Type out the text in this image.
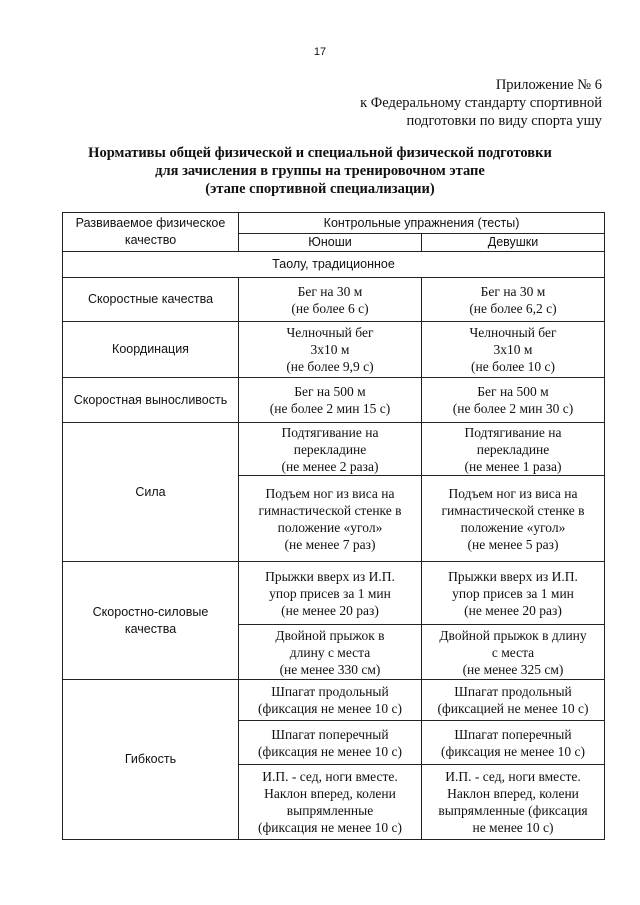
17
Приложение № 6
к Федеральному стандарту спортивной
подготовки по виду спорта ушу
Нормативы общей физической и специальной физической подготовки
для зачисления в группы на тренировочном этапе
(этапе спортивной специализации)
Развиваемое физическое
качество	Контрольные упражнения (тесты)	
	Юноши	Девушки
Таолу, традиционное		
Скоростные качества	Бег на 30 м
(не более 6 с)	Бег на 30 м
(не более 6,2 с)

Координация	Челночный бег
3х10 м
(не более 9,9 с)	Челночный бег
3х10 м
(не более 10 с)

Скоростная выносливость	Бег на 500 м
(не более 2 мин 15 с)	Бег на 500 м
(не более 2 мин 30 с)

Сила	Подтягивание на
перекладине
(не менее 2 раза)	Подтягивание на
перекладине
(не менее 1 раза)

	Подъем ног из виса на
гимнастической стенке в
положение «угол»
(не менее 7 раз)	Подъем ног из виса на
гимнастической стенке в
положение «угол»
(не менее 5 раз)

Скоростно-силовые
качества	Прыжки вверх из И.П.
упор присев за 1 мин
(не менее 20 раз)	Прыжки вверх из И.П.
упор присев за 1 мин
(не менее 20 раз)

	Двойной прыжок в
длину с места
(не менее 330 см)	Двойной прыжок в длину
с места
(не менее 325 см)

Гибкость	Шпагат продольный
(фиксация не менее 10 с)	Шпагат продольный
(фиксацией не менее 10 с)

	Шпагат поперечный
(фиксация не менее 10 с)	Шпагат поперечный
(фиксация не менее 10 с)

	И.П. - сед, ноги вместе.
Наклон вперед, колени
выпрямленные
(фиксация не менее 10 с)	И.П. - сед, ноги вместе.
Наклон вперед, колени
выпрямленные (фиксация
не менее 10 с)
